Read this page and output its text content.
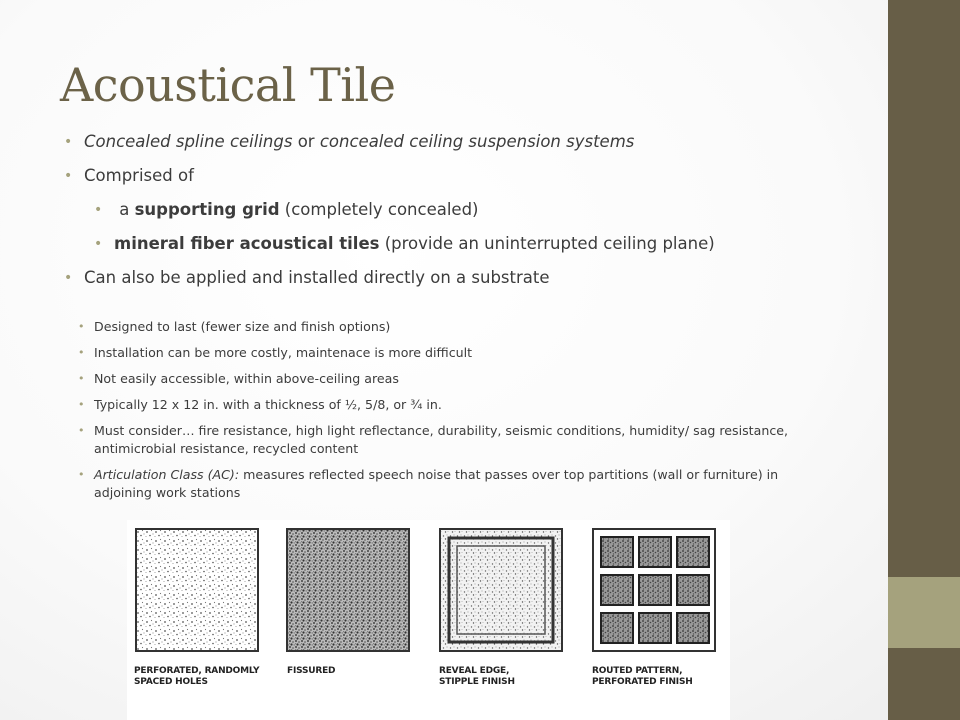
Acoustical Tile
• Concealed spline ceilings or concealed ceiling suspension systems
• Comprised of
•  a supporting grid (completely concealed)
• mineral fiber acoustical tiles (provide an uninterrupted ceiling plane)
• Can also be applied and installed directly on a substrate
• Designed to last (fewer size and finish options)
• Installation can be more costly, maintenace is more difficult
• Not easily accessible, within above-ceiling areas
• Typically 12 x 12 in. with a thickness of ½, 5/8, or ¾ in.
• Must consider… fire resistance, high light reflectance, durability, seismic conditions, humidity/ sag resistance, antimicrobial resistance, recycled content
• Articulation Class (AC): measures reflected speech noise that passes over top partitions (wall or furniture) in adjoining work stations
PERFORATED, RANDOMLY
SPACED HOLES
FISSURED	REVEAL EDGE,
STIPPLE FINISH
ROUTED PATTERN,
PERFORATED FINISH
